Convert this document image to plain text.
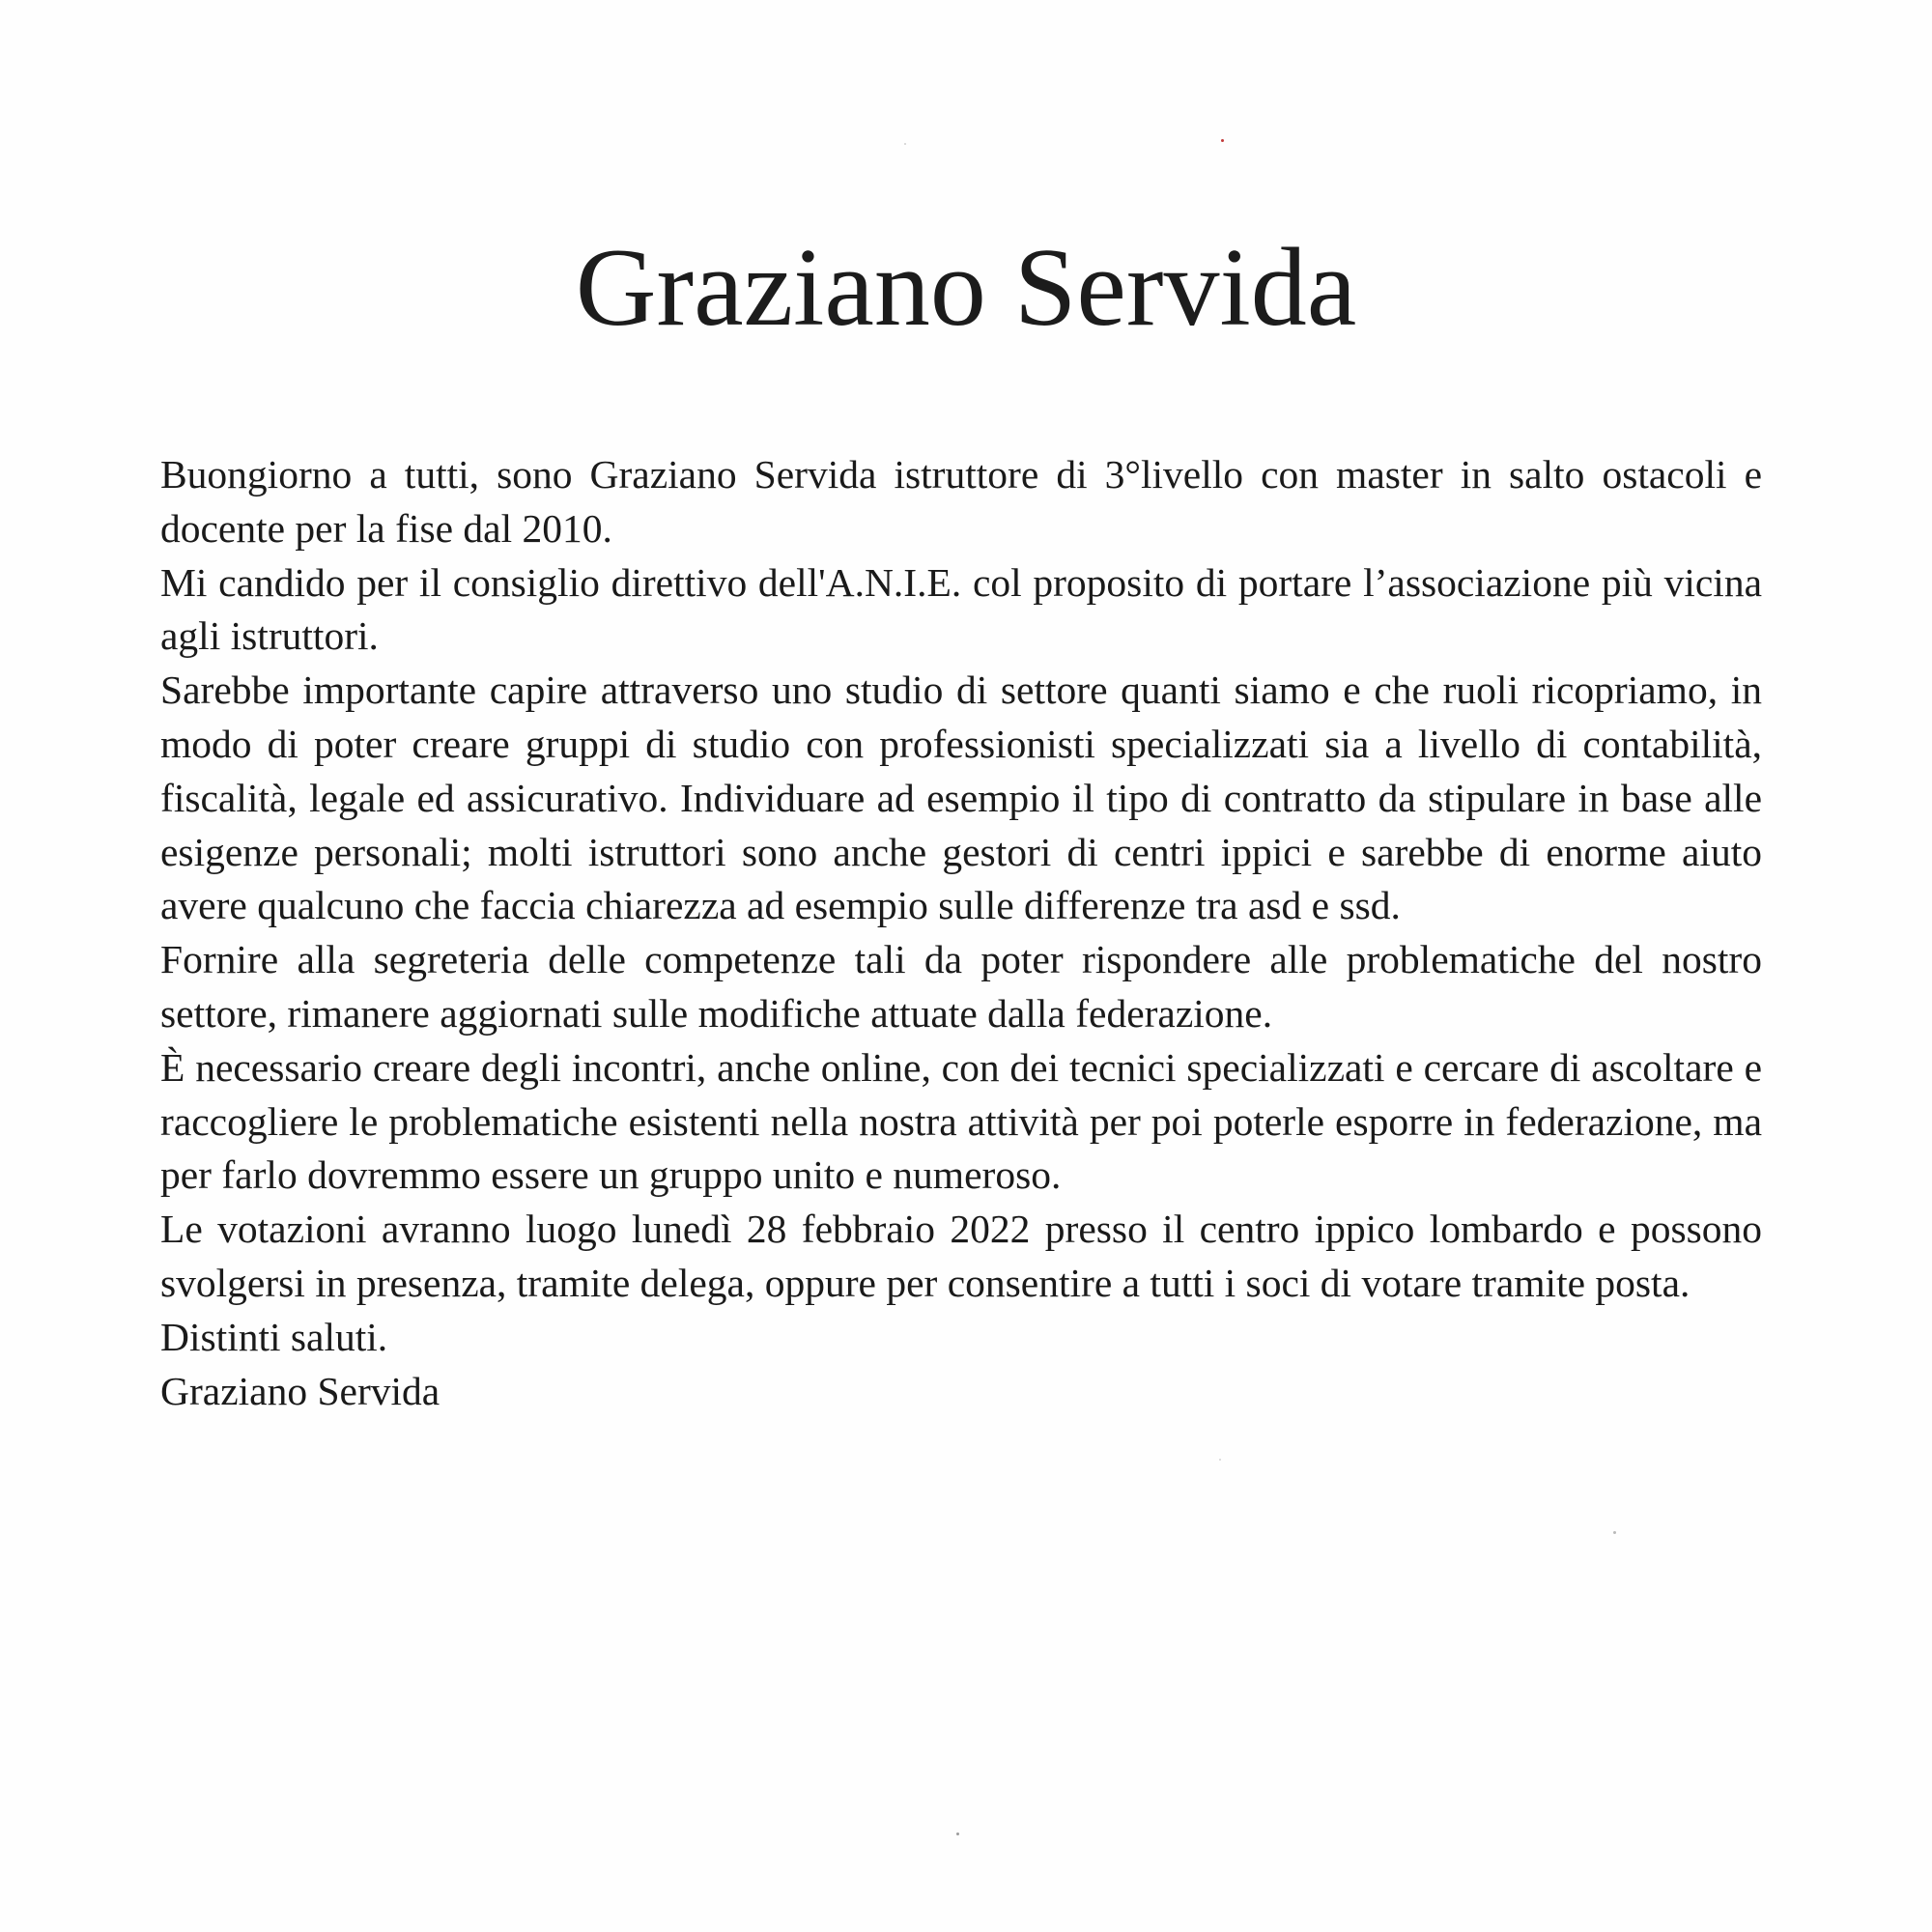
Graziano Servida

Buongiorno a tutti, sono Graziano Servida istruttore di 3°livello con master in salto ostacoli e docente per la fise dal 2010.

Mi candido per il consiglio direttivo dell'A.N.I.E. col proposito di portare l’associazione più vicina agli istruttori.

Sarebbe importante capire attraverso uno studio di settore quanti siamo e che ruoli ricopriamo, in modo di poter creare gruppi di studio con professionisti specializzati sia a livello di contabilità, fiscalità, legale ed assicurativo. Individuare ad esempio il tipo di contratto da stipulare in base alle esigenze personali; molti istruttori sono anche gestori di centri ippici e sarebbe di enorme aiuto avere qualcuno che faccia chiarezza ad esempio sulle differenze tra asd e ssd.

Fornire alla segreteria delle competenze tali da poter rispondere alle problematiche del nostro settore, rimanere aggiornati sulle modifiche attuate dalla federazione.

È necessario creare degli incontri, anche online, con dei tecnici specializzati e cercare di ascoltare e raccogliere le problematiche esistenti nella nostra attività per poi poterle esporre in federazione, ma per farlo dovremmo essere un gruppo unito e numeroso.

Le votazioni avranno luogo lunedì 28 febbraio 2022 presso il centro ippico lombardo e possono svolgersi in presenza, tramite delega, oppure per consentire a tutti i soci di votare tramite posta.

Distinti saluti.

Graziano Servida
